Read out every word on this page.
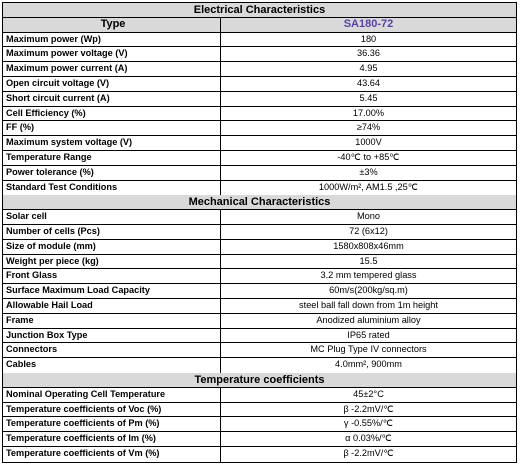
Electrical Characteristics
Type	SA180-72
Maximum power (Wp)	180
Maximum power voltage (V)	36.36
Maximum power current (A)	4.95
Open circuit voltage (V)	43.64
Short circuit current (A)	5.45
Cell Efficiency (%)	17.00%
FF (%)	≥74%
Maximum system voltage (V)	1000V
Temperature Range	-40℃ to +85℃
Power tolerance (%)	±3%
Standard Test Conditions	1000W/m², AM1.5 ,25℃
Mechanical Characteristics
Solar cell	Mono
Number of cells (Pcs)	72 (6x12)
Size of module (mm)	1580x808x46mm
Weight per piece (kg)	15.5
Front Glass	3.2 mm tempered glass
Surface Maximum Load Capacity	60m/s(200kg/sq.m)
Allowable Hail Load	steel ball fall down from 1m height
Frame	Anodized aluminium alloy
Junction Box Type	IP65 rated
Connectors	MC Plug Type IV connectors
Cables	4.0mm², 900mm
Temperature coefficients
Nominal Operating Cell Temperature	45±2°C
Temperature coefficients of Voc (%)	β -2.2mV/℃
Temperature coefficients of Pm (%)	γ -0.55%/℃
Temperature coefficients of Im (%)	α 0.03%/℃
Temperature coefficients of Vm (%)	β -2.2mV/℃
